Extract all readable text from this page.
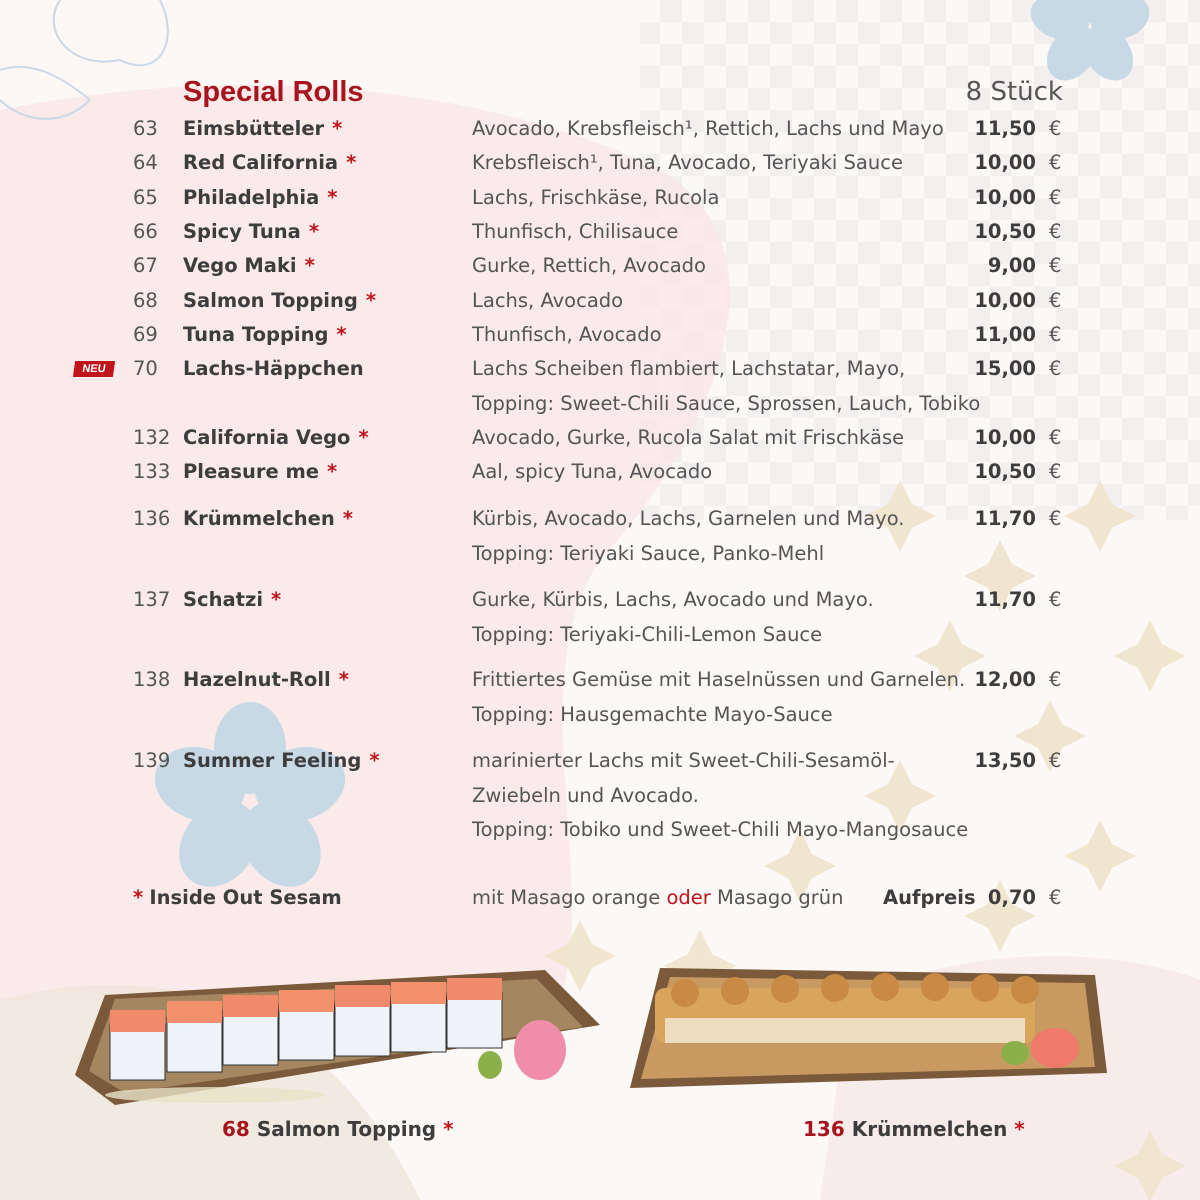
Special Rolls	8 Stück
63 Eimsbütteler *	Avocado, Krebsfleisch¹, Rettich, Lachs und Mayo 11,50 €
64 Red California *	Krebsfleisch¹, Tuna, Avocado, Teriyaki Sauce	10,00 €
65 Philadelphia *	Lachs, Frischkäse, Rucola	10,00 €
66 Spicy Tuna *	Thunfisch, Chilisauce	10,50 €
67 Vego Maki *	Gurke, Rettich, Avocado	9,00 €
68 Salmon Topping *	Lachs, Avocado	10,00 €
69 Tuna Topping *	Thunfisch, Avocado	11,00 €
NEU	70 Lachs-Häppchen	Lachs Scheiben flambiert, Lachstatar, Mayo,	15,00 €
Topping: Sweet-Chili Sauce, Sprossen, Lauch, Tobiko
132 California Vego *	Avocado, Gurke, Rucola Salat mit Frischkäse	10,00 €
133 Pleasure me *	Aal, spicy Tuna, Avocado	10,50 €
136 Krümmelchen *	Kürbis, Avocado, Lachs, Garnelen und Mayo.	11,70 €
Topping: Teriyaki Sauce, Panko-Mehl
137 Schatzi *	Gurke, Kürbis, Lachs, Avocado und Mayo.	11,70 €
Topping: Teriyaki-Chili-Lemon Sauce
138 Hazelnut-Roll *	Frittiertes Gemüse mit Haselnüssen und Garnelen. 12,00 €
Topping: Hausgemachte Mayo-Sauce
139 Summer Feeling *	marinierter Lachs mit Sweet-Chili-Sesamöl-	13,50 €
Zwiebeln und Avocado.
Topping: Tobiko und Sweet-Chili Mayo-Mangosauce
* Inside Out Sesam	mit Masago orange oder Masago grün Aufpreis 0,70 €
68 Salmon Topping *	136 Krümmelchen *
